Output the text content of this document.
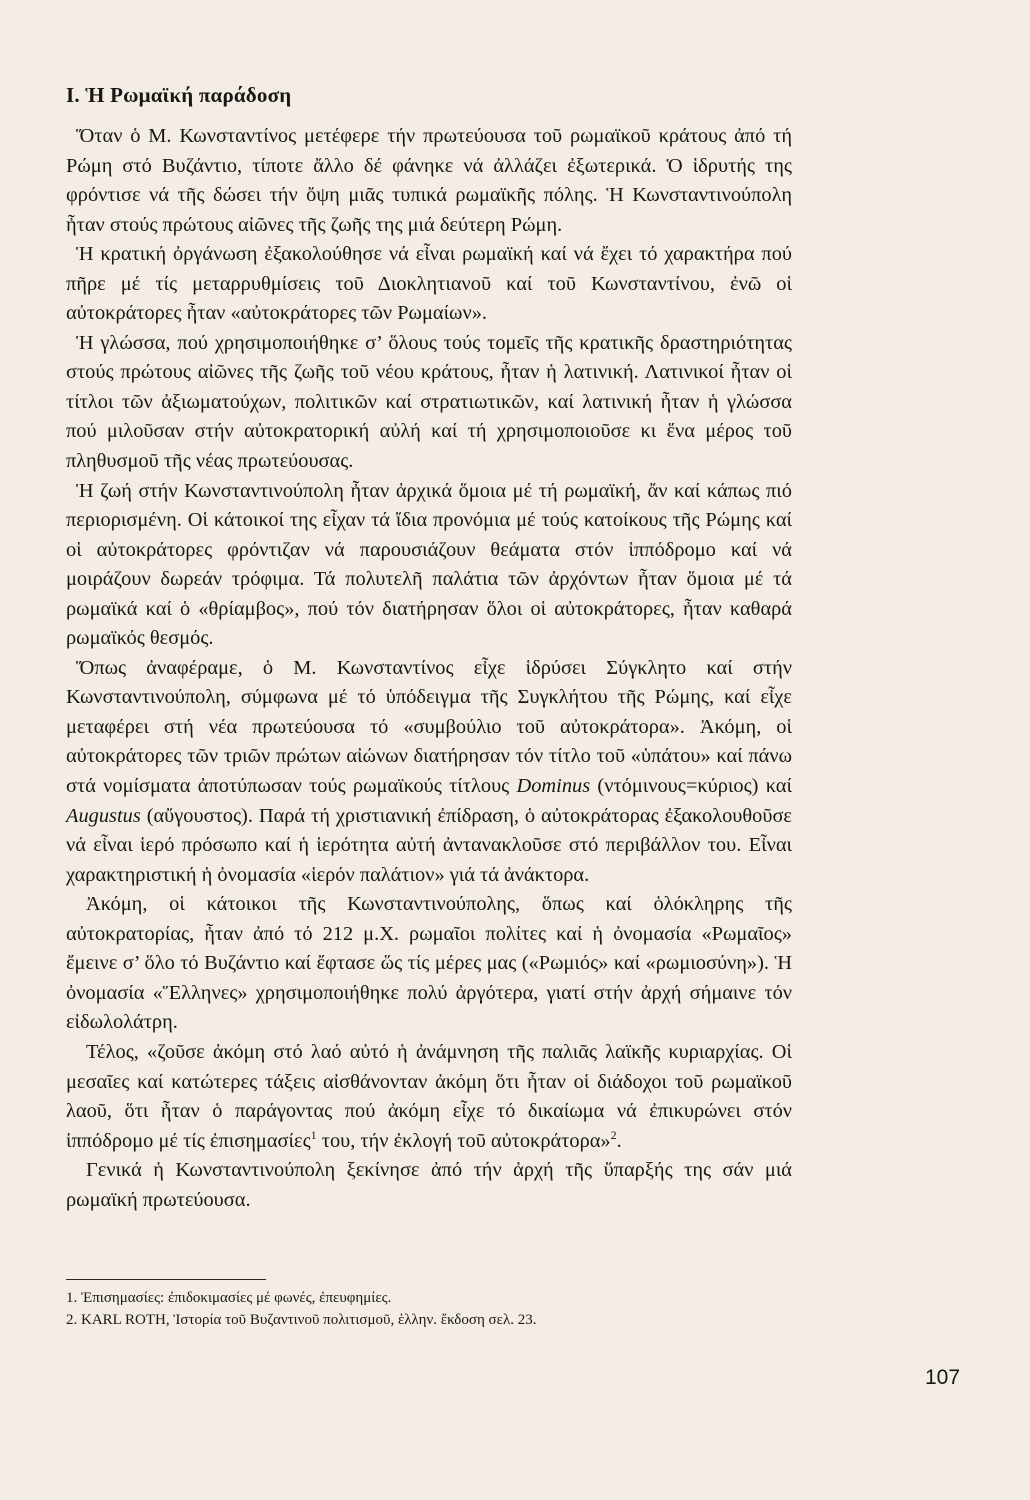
I. Ἡ Ρωμαϊκή παράδοση

Ὅταν ὁ Μ. Κωνσταντίνος μετέφερε τήν πρωτεύουσα τοῦ ρωμαϊκοῦ κράτους ἀπό τή Ρώμη στό Βυζάντιο, τίποτε ἄλλο δέ φάνηκε νά ἀλλάζει ἐξωτερικά. Ὁ ἱδρυτής της φρόντισε νά τῆς δώσει τήν ὄψη μιᾶς τυπικά ρωμαϊκῆς πόλης. Ἡ Κωνσταντινούπολη ἦταν στούς πρώτους αἰῶνες τῆς ζωῆς της μιά δεύτερη Ρώμη.

Ἡ κρατική ὀργάνωση ἐξακολούθησε νά εἶναι ρωμαϊκή καί νά ἔχει τό χαρακτήρα πού πῆρε μέ τίς μεταρρυθμίσεις τοῦ Διοκλητιανοῦ καί τοῦ Κωνσταντίνου, ἐνῶ οἱ αὐτοκράτορες ἦταν «αὐτοκράτορες τῶν Ρωμαίων».

Ἡ γλώσσα, πού χρησιμοποιήθηκε σ’ ὅλους τούς τομεῖς τῆς κρατικῆς δραστηριότητας στούς πρώτους αἰῶνες τῆς ζωῆς τοῦ νέου κράτους, ἦταν ἡ λατινική. Λατινικοί ἦταν οἱ τίτλοι τῶν ἀξιωματούχων, πολιτικῶν καί στρατιωτικῶν, καί λατινική ἦταν ἡ γλώσσα πού μιλοῦσαν στήν αὐτοκρατορική αὐλή καί τή χρησιμοποιοῦσε κι ἕνα μέρος τοῦ πληθυσμοῦ τῆς νέας πρωτεύουσας.

Ἡ ζωή στήν Κωνσταντινούπολη ἦταν ἀρχικά ὅμοια μέ τή ρωμαϊκή, ἄν καί κάπως πιό περιορισμένη. Οἱ κάτοικοί της εἶχαν τά ἴδια προνόμια μέ τούς κατοίκους τῆς Ρώμης καί οἱ αὐτοκράτορες φρόντιζαν νά παρουσιάζουν θεάματα στόν ἱππόδρομο καί νά μοιράζουν δωρεάν τρόφιμα. Τά πολυτελῆ παλάτια τῶν ἀρχόντων ἦταν ὅμοια μέ τά ρωμαϊκά καί ὁ «θρίαμβος», πού τόν διατήρησαν ὅλοι οἱ αὐτοκράτορες, ἦταν καθαρά ρωμαϊκός θεσμός.

Ὅπως ἀναφέραμε, ὁ Μ. Κωνσταντίνος εἶχε ἱδρύσει Σύγκλητο καί στήν Κωνσταντινούπολη, σύμφωνα μέ τό ὑπόδειγμα τῆς Συγκλήτου τῆς Ρώμης, καί εἶχε μεταφέρει στή νέα πρωτεύουσα τό «συμβούλιο τοῦ αὐτοκράτορα». Ἀκόμη, οἱ αὐτοκράτορες τῶν τριῶν πρώτων αἰώνων διατήρησαν τόν τίτλο τοῦ «ὑπάτου» καί πάνω στά νομίσματα ἀποτύπωσαν τούς ρωμαϊκούς τίτλους Dominus (ντόμινους=κύριος) καί Augustus (αὔγουστος). Παρά τή χριστιανική ἐπίδραση, ὁ αὐτοκράτορας ἐξακολουθοῦσε νά εἶναι ἱερό πρόσωπο καί ἡ ἱερότητα αὐτή ἀντανακλοῦσε στό περιβάλλον του. Εἶναι χαρακτηριστική ἡ ὀνομασία «ἱερόν παλάτιον» γιά τά ἀνάκτορα.

Ἀκόμη, οἱ κάτοικοι τῆς Κωνσταντινούπολης, ὅπως καί ὁλόκληρης τῆς αὐτοκρατορίας, ἦταν ἀπό τό 212 μ.Χ. ρωμαῖοι πολίτες καί ἡ ὀνομασία «Ρωμαῖος» ἔμεινε σ’ ὅλο τό Βυζάντιο καί ἔφτασε ὥς τίς μέρες μας («Ρωμιός» καί «ρωμιοσύνη»). Ἡ ὀνομασία «Ἕλληνες» χρησιμοποιήθηκε πολύ ἀργότερα, γιατί στήν ἀρχή σήμαινε τόν εἰδωλολάτρη.

Τέλος, «ζοῦσε ἀκόμη στό λαό αὐτό ἡ ἀνάμνηση τῆς παλιᾶς λαϊκῆς κυριαρχίας. Οἱ μεσαῖες καί κατώτερες τάξεις αἰσθάνονταν ἀκόμη ὅτι ἦταν οἱ διάδοχοι τοῦ ρωμαϊκοῦ λαοῦ, ὅτι ἦταν ὁ παράγοντας πού ἀκόμη εἶχε τό δικαίωμα νά ἐπικυρώνει στόν ἱππόδρομο μέ τίς ἐπισημασίες$^1$ του, τήν ἐκλογή τοῦ αὐτοκράτορα»$^2$.

Γενικά ἡ Κωνσταντινούπολη ξεκίνησε ἀπό τήν ἀρχή τῆς ὕπαρξής της σάν μιά ρωμαϊκή πρωτεύουσα.

1. Ἐπισημασίες: ἐπιδοκιμασίες μέ φωνές, ἐπευφημίες.
2. KARL ROTH, Ἱστορία τοῦ Βυζαντινοῦ πολιτισμοῦ, ἑλλην. ἔκδοση σελ. 23.
107
